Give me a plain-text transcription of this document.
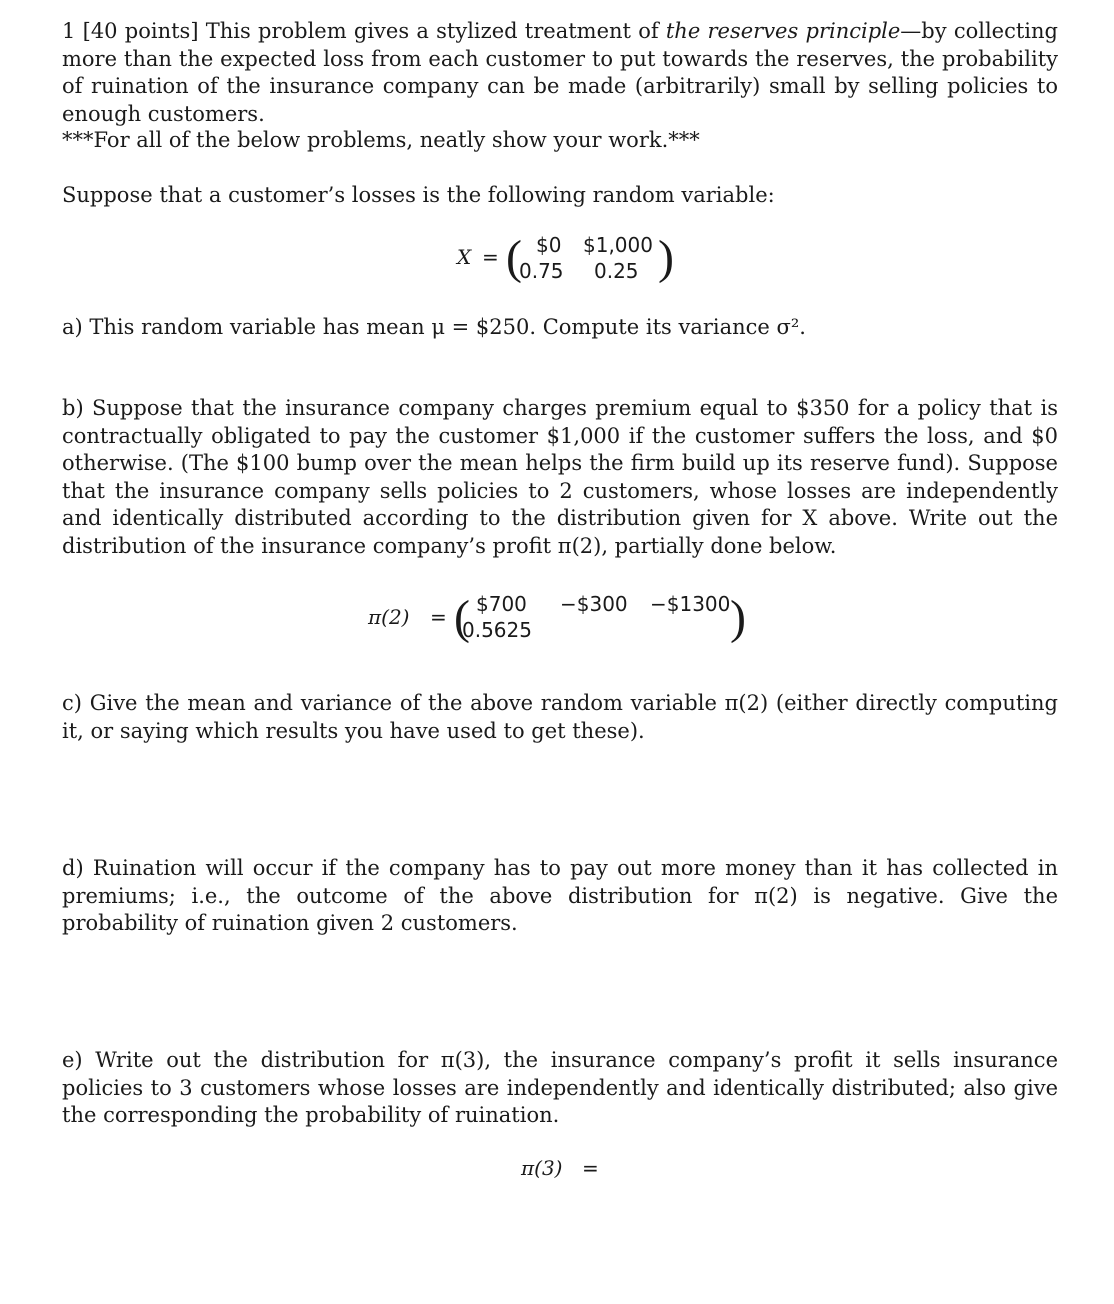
1 [40 points] This problem gives a stylized treatment of the reserves principle—by collecting more than the expected loss from each customer to put towards the reserves, the probability of ruination of the insurance company can be made (arbitrarily) small by selling policies to enough customers.

***For all of the below problems, neatly show your work.***

Suppose that a customer’s losses is the following random variable:

X = ( $0 $1,000
0.75 0.25 )

a) This random variable has mean μ = $250. Compute its variance σ².

b) Suppose that the insurance company charges premium equal to $350 for a policy that is contractually obligated to pay the customer $1,000 if the customer suffers the loss, and $0 otherwise. (The $100 bump over the mean helps the firm build up its reserve fund). Suppose that the insurance company sells policies to 2 customers, whose losses are independently and identically distributed according to the distribution given for X above. Write out the distribution of the insurance company’s profit π(2), partially done below.

π(2) = ( $700 −$300 −$1300
0.5625	)

c) Give the mean and variance of the above random variable π(2) (either directly computing it, or saying which results you have used to get these).

d) Ruination will occur if the company has to pay out more money than it has collected in premiums; i.e., the outcome of the above distribution for π(2) is negative. Give the probability of ruination given 2 customers.

e) Write out the distribution for π(3), the insurance company’s profit it sells insurance policies to 3 customers whose losses are independently and identically distributed; also give the corresponding the probability of ruination.

π(3) =
